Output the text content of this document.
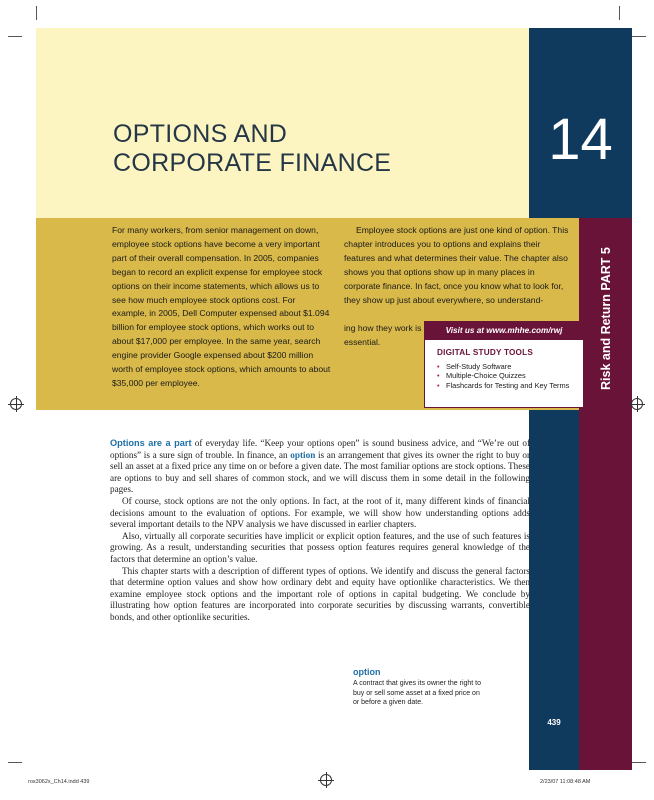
OPTIONS AND
CORPORATE FINANCE	14
Risk and Return PART 5

For many workers, from senior management on down, employee stock options have become a very important part of their overall compensation. In 2005, companies began to record an explicit expense for employee stock options on their income statements, which allows us to see how much employee stock options cost. For example, in 2005, Dell Computer expensed about $1.094 billion for employee stock options, which works out to about $17,000 per employee. In the same year, search engine provider Google expensed about $200 million worth of employee stock options, which amounts to about $35,000 per employee.

Employee stock options are just one kind of option. This chapter introduces you to options and explains their features and what determines their value. The chapter also shows you that options show up in many places in corporate finance. In fact, once you know what to look for, they show up just about everywhere, so understand-

ing how they work is essential.

Visit us at www.mhhe.com/rwj
DIGITAL STUDY TOOLS
• Self-Study Software
• Multiple-Choice Quizzes
• Flashcards for Testing and Key Terms

Options are a part of everyday life. “Keep your options open” is sound business advice, and “We’re out of options” is a sure sign of trouble. In finance, an option is an arrangement that gives its owner the right to buy or sell an asset at a fixed price any time on or before a given date. The most familiar options are stock options. These are options to buy and sell shares of common stock, and we will discuss them in some detail in the following pages.

Of course, stock options are not the only options. In fact, at the root of it, many different kinds of financial decisions amount to the evaluation of options. For example, we will show how understanding options adds several important details to the NPV analysis we have discussed in earlier chapters.

Also, virtually all corporate securities have implicit or explicit option features, and the use of such features is growing. As a result, understanding securities that possess option features requires general knowledge of the factors that determine an option’s value.

This chapter starts with a description of different types of options. We identify and discuss the general factors that determine option values and show how ordinary debt and equity have optionlike characteristics. We then examine employee stock options and the important role of options in capital budgeting. We conclude by illustrating how option features are incorporated into corporate securities by discussing warrants, convertible bonds, and other optionlike securities.

option
A contract that gives its owner the right to buy or sell some asset at a fixed price on or before a given date.
439
ros3062x_Ch14.indd 439	2/23/07 11:08:48 AM
